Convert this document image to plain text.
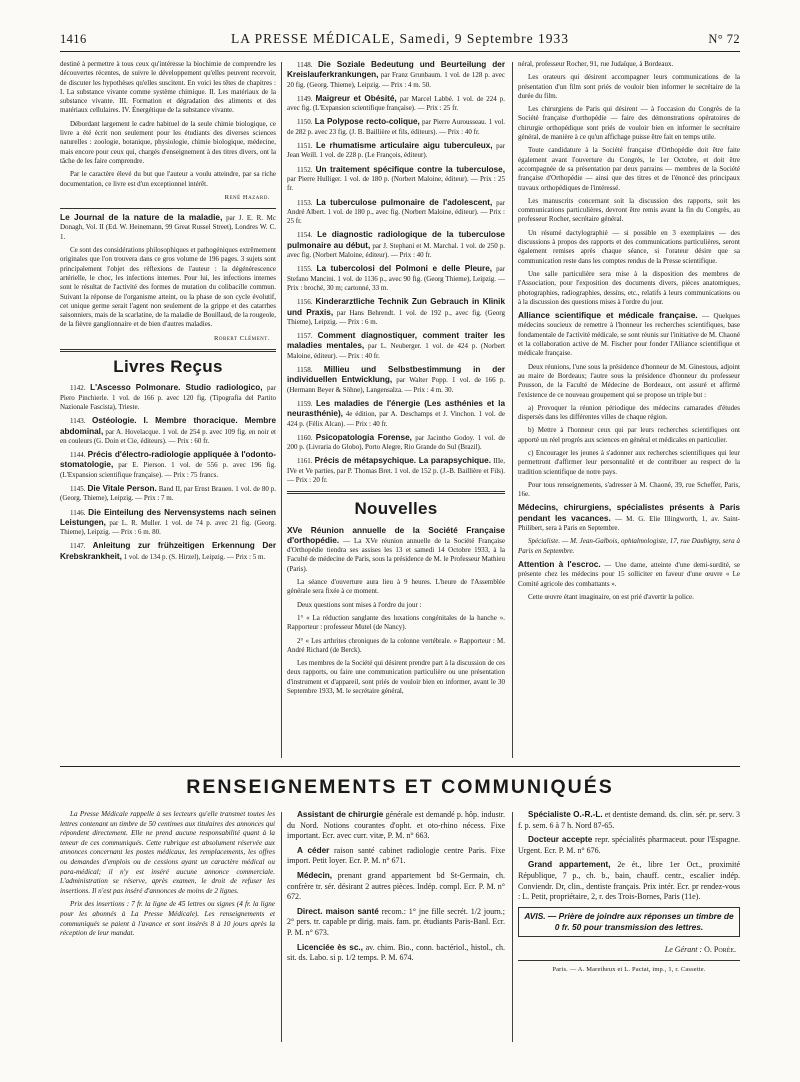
1416	LA PRESSE MÉDICALE, Samedi, 9 Septembre 1933	N° 72

destiné à permettre à tous ceux qu'intéresse la biochimie de comprendre les découvertes récentes, de suivre le développement qu'elles peuvent recevoir, de discuter les hypothèses qu'elles suscitent. En voici les têtes de chapitres : I. La substance vivante comme système chimique. II. Les matériaux de la substance vivante. III. Formation et dégradation des aliments et des matériaux cellulaires. IV. Énergétique de la substance vivante.

Débordant largement le cadre habituel de la seule chimie biologique, ce livre a été écrit non seulement pour les étudiants des diverses sciences naturelles : zoologie, botanique, physiologie, chimie biologique, médecine, mais encore pour ceux qui, chargés d'enseignement à des titres divers, ont la tâche de les faire comprendre.

Par le caractère élevé du but que l'auteur a voulu atteindre, par sa riche documentation, ce livre est d'un exceptionnel intérêt.

René Hazard.

Le Journal de la nature de la maladie, par J. E. R. Mc Donagh, Vol. II (Ed. W. Heinemann, 99 Great Russel Street), Londres W. C. 1.

Ce sont des considérations philosophiques et pathogéniques extrêmement originales que l'on trouvera dans ce gros volume de 196 pages. 3 sujets sont principalement l'objet des réflexions de l'auteur : la dégénérescence artérielle, le choc, les infections internes. Pour lui, les infections internes sont le résultat de l'activité des formes de mutation du colibacille commun. Suivant la réponse de l'organisme atteint, ou la phase de son cycle évolutif, cet unique germe serait l'agent non seulement de la grippe et des catarrhes saisonniers, mais de la scarlatine, de la maladie de Bouillaud, de la rougeole, de la fièvre ganglionnaire et de bien d'autres maladies.

Robert Clément.
Livres Reçus

1142. L'Ascesso Polmonare. Studio radiologico, par Piero Pinchierle. 1 vol. de 166 p. avec 120 fig. (Tipografia del Partito Nazionale Fascista), Trieste.

1143. Ostéologie. I. Membre thoracique. Membre abdominal, par A. Hovelacque. 1 vol. de 254 p. avec 109 fig. en noir et en couleurs (G. Doin et Cie, éditeurs). — Prix : 60 fr.

1144. Précis d'électro-radiologie appliquée à l'odonto-stomatologie, par E. Pierson. 1 vol. de 556 p. avec 196 fig. (L'Expansion scientifique française). — Prix : 75 francs.

1145. Die Vitale Person. Band II, par Ernst Brauen. 1 vol. de 80 p. (Georg. Thieme), Leipzig. — Prix : 7 m.

1146. Die Einteilung des Nervensystems nach seinen Leistungen, par L. R. Muller. 1 vol. de 74 p. avec 21 fig. (Georg. Thieme), Leipzig. — Prix : 6 m. 80.

1147. Anleitung zur frühzeitigen Erkennung Der Krebskrankheit, 1 vol. de 134 p. (S. Hirzel), Leipzig. — Prix : 5 m.

1148. Die Soziale Bedeutung und Beurteilung der Kreislauferkrankungen, par Franz Grunbaum. 1 vol. de 128 p. avec 20 fig. (Georg. Thieme), Leipzig. — Prix : 4 m. 50.

1149. Maigreur et Obésité, par Marcel Labbé. 1 vol. de 224 p. avec fig. (L'Expansion scientifique française). — Prix : 25 fr.

1150. La Polypose recto-colique, par Pierre Aurousseau. 1 vol. de 282 p. avec 23 fig. (J. B. Baillière et fils, éditeurs). — Prix : 40 fr.

1151. Le rhumatisme articulaire aigu tuberculeux, par Jean Weill. 1 vol. de 228 p. (Le François, éditeur).

1152. Un traitement spécifique contre la tuberculose, par Pierre Hulliger. 1 vol. de 180 p. (Norbert Maloine, éditeur). — Prix : 25 fr.

1153. La tuberculose pulmonaire de l'adolescent, par André Albert. 1 vol. de 180 p., avec fig. (Norbert Maloine, éditeur). — Prix : 25 fr.

1154. Le diagnostic radiologique de la tuberculose pulmonaire au début, par J. Stephani et M. Marchal. 1 vol. de 250 p. avec fig. (Norbert Maloine, éditeur). — Prix : 40 fr.

1155. La tubercolosi del Polmoni e delle Pleure, par Stefano Mancini. 1 vol. de 1136 p., avec 90 fig. (Georg Thieme), Leipzig. — Prix : broché, 30 m; cartonné, 33 m.

1156. Kinderarztliche Technik Zun Gebrauch in Klinik und Praxis, par Hans Behrendt. 1 vol. de 192 p., avec fig. (Georg Thieme), Leipzig. — Prix : 6 m.

1157. Comment diagnostiquer, comment traiter les maladies mentales, par L. Neuberger. 1 vol. de 424 p. (Norbert Maloine, éditeur). — Prix : 40 fr.

1158. Millieu und Selbstbestimmung in der individuellen Entwicklung, par Walter Popp. 1 vol. de 166 p. (Hermann Beyer & Söhne), Langensalza. — Prix : 4 m. 30.

1159. Les maladies de l'énergie (Les asthénies et la neurasthénie), 4e édition, par A. Deschamps et J. Vinchon. 1 vol. de 424 p. (Félix Alcan). — Prix : 40 fr.

1160. Psicopatologia Forense, par Jacintho Godoy. 1 vol. de 200 p. (Livraria do Globo), Porto Alegre, Rio Grande do Sul (Brazil).

1161. Précis de métapsychique. La parapsychique. IIIe, IVe et Ve parties, par P. Thomas Bret. 1 vol. de 152 p. (J.-B. Baillière et Fils). — Prix : 20 fr.

Nouvelles

XVe Réunion annuelle de la Société Française d'orthopédie. — La XVe réunion annuelle de la Société Française d'Orthopédie tiendra ses assises les 13 et samedi 14 Octobre 1933, à la Faculté de médecine de Paris, sous la présidence de M. le Professeur Mathieu (Paris).

La séance d'ouverture aura lieu à 9 heures. L'heure de l'Assemblée générale sera fixée à ce moment.

Deux questions sont mises à l'ordre du jour :

1° « La réduction sanglante des luxations congénitales de la hanche ». Rapporteur : professeur Mutel (de Nancy).

2° « Les arthrites chroniques de la colonne vertébrale. » Rapporteur : M. André Richard (de Berck).

Les membres de la Société qui désirent prendre part à la discussion de ces deux rapports, ou faire une communication particulière ou une présentation d'instrument et d'appareil, sont priés de vouloir bien en informer, avant le 30 Septembre 1933, M. le secrétaire général,

néral, professeur Rocher, 91, rue Judaïque, à Bordeaux.

Les orateurs qui désirent accompagner leurs communications de la présentation d'un film sont priés de vouloir bien informer le secrétaire de la durée du film.

Les chirurgiens de Paris qui désirent — à l'occasion du Congrès de la Société française d'orthopédie — faire des démonstrations opératoires de chirurgie orthopédique sont priés de vouloir bien en informer le secrétaire général, de manière à ce qu'un affichage puisse être fait en temps utile.

Toute candidature à la Société française d'Orthopédie doit être faite également avant l'ouverture du Congrès, le 1er Octobre, et doit être accompagnée de sa présentation par deux parrains — membres de la Société française d'Orthopédie — ainsi que des titres et de l'énoncé des principaux travaux orthopédiques de l'intéressé.

Les manuscrits concernant soit la discussion des rapports, soit les communications particulières, devront être remis avant la fin du Congrès, au professeur Rocher, secrétaire général.

Un résumé dactylographié — si possible en 3 exemplaires — des discussions à propos des rapports et des communications particulières, seront également remises après chaque séance, si l'orateur désire que sa communication reste dans les comptes rendus de la Presse scientifique.

Une salle particulière sera mise à la disposition des membres de l'Association, pour l'exposition des documents divers, pièces anatomiques, photographies, radiographies, dessins, etc., relatifs à leurs communications ou à la discussion des questions mises à l'ordre du jour.

Alliance scientifique et médicale française. — Quelques médecins soucieux de remettre à l'honneur les recherches scientifiques, base fondamentale de l'activité médicale, se sont réunis sur l'initiative de M. Chaoné et la collaboration active de M. Fischer pour fonder l'Alliance scientifique et médicale française.

Deux réunions, l'une sous la présidence d'honneur de M. Ginestous, adjoint au maire de Bordeaux; l'autre sous la présidence d'honneur du professeur Pousson, de la Faculté de Médecine de Bordeaux, ont assuré et affirmé l'existence de ce nouveau groupement qui se propose un triple but :

a) Provoquer la réunion périodique des médecins camarades d'études dispersés dans les différentes villes de chaque région.

b) Mettre à l'honneur ceux qui par leurs recherches scientifiques ont apporté un réel progrès aux sciences en général et médicales en particulier.

c) Encourager les jeunes à s'adonner aux recherches scientifiques qui leur permettront d'affirmer leur personnalité et de contribuer au respect de la tradition scientifique de notre pays.

Pour tous renseignements, s'adresser à M. Chaoné, 39, rue Scheffer, Paris, 16e.

Médecins, chirurgiens, spécialistes présents à Paris pendant les vacances. — M. G. Elie Illingworth, 1, av. Saint-Philibert, sera à Paris en Septembre.

Spécialiste. — M. Jean-Galbois, ophtalmologiste, 17, rue Daubigny, sera à Paris en Septembre.

Attention à l'escroc. — Une dame, atteinte d'une demi-surdité, se présente chez les médecins pour 15 solliciter en faveur d'une œuvre « Le Comité agricole des combattants ».

Cette œuvre étant imaginaire, on est prié d'avertir la police.

RENSEIGNEMENTS ET COMMUNIQUÉS

La Presse Médicale rappelle à ses lecteurs qu'elle transmet toutes les lettres contenant un timbre de 50 centimes aux titulaires des annonces qui répondent directement. Elle ne prend aucune responsabilité quant à la teneur de ces communiqués. Cette rubrique est absolument réservée aux annonces concernant les postes médicaux, les remplacements, les offres ou demandes d'emplois ou de cessions ayant un caractère médical ou para-médical; il n'y est inséré aucune annonce commerciale. L'administration se réserve, après examen, le droit de refuser les insertions. Il n'est pas inséré d'annonces de moins de 2 lignes.

Prix des insertions : 7 fr. la ligne de 45 lettres ou signes (4 fr. la ligne pour les abonnés à La Presse Médicale). Les renseignements et communiqués se paient à l'avance et sont insérés 8 à 10 jours après la réception de leur mandat.

Assistant de chirurgie générale est demandé p. hôp. industr. du Nord. Notions courantes d'opht. et oto-rhino nécess. Fixe important. Ecr. avec curr. vitæ, P. M. n° 663.

A céder raison santé cabinet radiologie centre Paris. Fixe import. Petit loyer. Ecr. P. M. n° 671.

Médecin, prenant grand appartement bd St-Germain, ch. confrère tr. sér. désirant 2 autres pièces. Indép. compl. Ecr. P. M. n° 672.

Direct. maison santé recom.: 1° jne fille secrét. 1/2 journ.; 2° pers. tr. capable pr dirig. mais. fam. pr. étudiants Paris-Banl. Ecr. P. M. n° 673.

Licenciée ès sc., av. chim. Bio., conn. bactériol., histol., ch. sit. ds. Labo. si p. 1/2 temps. P. M. 674.

Spécialiste O.-R.-L. et dentiste demand. ds. clin. sér. pr. serv. 3 f. p. sem. 6 à 7 h. Nord 87-65.

Docteur accepte repr. spécialités pharmaceut. pour l'Espagne. Urgent. Ecr. P. M. n° 676.

Grand appartement, 2e ét., libre 1er Oct., proximité République, 7 p., ch. b., bain, chauff. centr., escalier indép. Conviendr. Dr, clin., dentiste français. Prix intér. Ecr. pr rendez-vous : L. Petit, propriétaire, 2, r. des Trois-Bornes, Paris (11e).

AVIS. — Prière de joindre aux réponses un timbre de 0 fr. 50 pour transmission des lettres.
Le Gérant : O. Porée.
Paris. — A. Maretheux et L. Pactat, imp., 1, r. Cassette.
